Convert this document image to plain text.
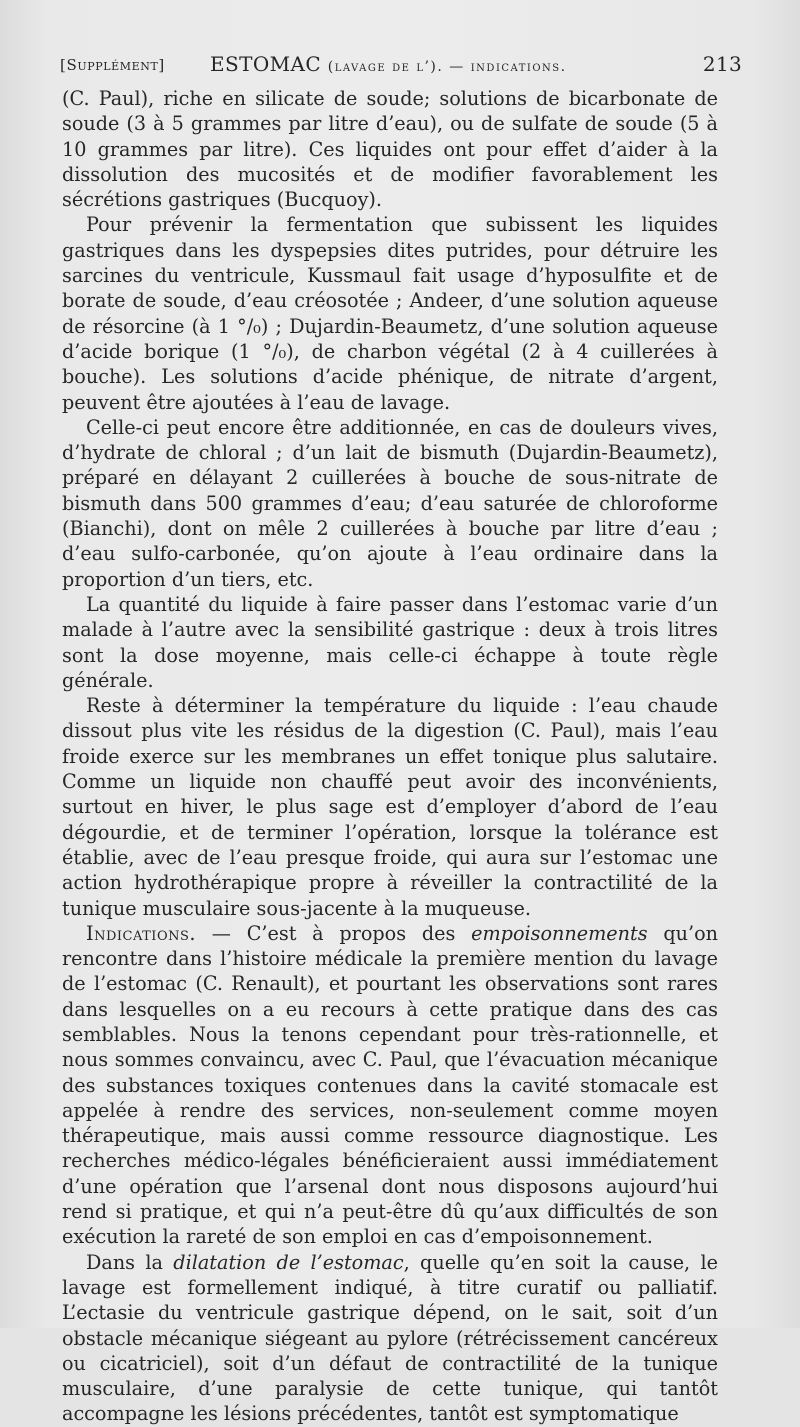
[Supplément] ESTOMAC (lavage de l’). — indications.	213

(C. Paul), riche en silicate de soude; solutions de bicarbonate de soude (3 à 5 grammes par litre d’eau), ou de sulfate de soude (5 à 10 grammes par litre). Ces liquides ont pour effet d’aider à la dissolution des mucosités et de modifier favorablement les sécrétions gastriques (Bucquoy).

Pour prévenir la fermentation que subissent les liquides gastriques dans les dyspepsies dites putrides, pour détruire les sarcines du ventricule, Kussmaul fait usage d’hyposulfite et de borate de soude, d’eau créosotée ; Andeer, d’une solution aqueuse de résorcine (à 1 °/₀) ; Dujardin-Beaumetz, d’une solution aqueuse d’acide borique (1 °/₀), de charbon végétal (2 à 4 cuillerées à bouche). Les solutions d’acide phénique, de nitrate d’argent, peuvent être ajoutées à l’eau de lavage.

Celle-ci peut encore être additionnée, en cas de douleurs vives, d’hydrate de chloral ; d’un lait de bismuth (Dujardin-Beaumetz), préparé en délayant 2 cuillerées à bouche de sous-nitrate de bismuth dans 500 grammes d’eau; d’eau saturée de chloroforme (Bianchi), dont on mêle 2 cuillerées à bouche par litre d’eau ; d’eau sulfo-carbonée, qu’on ajoute à l’eau ordinaire dans la proportion d’un tiers, etc.

La quantité du liquide à faire passer dans l’estomac varie d’un malade à l’autre avec la sensibilité gastrique : deux à trois litres sont la dose moyenne, mais celle-ci échappe à toute règle générale.

Reste à déterminer la température du liquide : l’eau chaude dissout plus vite les résidus de la digestion (C. Paul), mais l’eau froide exerce sur les membranes un effet tonique plus salutaire. Comme un liquide non chauffé peut avoir des inconvénients, surtout en hiver, le plus sage est d’employer d’abord de l’eau dégourdie, et de terminer l’opération, lorsque la tolérance est établie, avec de l’eau presque froide, qui aura sur l’estomac une action hydrothérapique propre à réveiller la contractilité de la tunique musculaire sous-jacente à la muqueuse.

Indications. — C’est à propos des empoisonnements qu’on rencontre dans l’histoire médicale la première mention du lavage de l’estomac (C. Renault), et pourtant les observations sont rares dans lesquelles on a eu recours à cette pratique dans des cas semblables. Nous la tenons cependant pour très-rationnelle, et nous sommes convaincu, avec C. Paul, que l’évacuation mécanique des substances toxiques contenues dans la cavité stomacale est appelée à rendre des services, non-seulement comme moyen thérapeutique, mais aussi comme ressource diagnostique. Les recherches médico-légales bénéficieraient aussi immédiatement d’une opération que l’arsenal dont nous disposons aujourd’hui rend si pratique, et qui n’a peut-être dû qu’aux difficultés de son exécution la rareté de son emploi en cas d’empoisonnement.

Dans la dilatation de l’estomac, quelle qu’en soit la cause, le lavage est formellement indiqué, à titre curatif ou palliatif. L’ectasie du ventricule gastrique dépend, on le sait, soit d’un obstacle mécanique siégeant au pylore (rétrécissement cancéreux ou cicatriciel), soit d’un défaut de contractilité de la tunique musculaire, d’une paralysie de cette tunique, qui tantôt accompagne les lésions précédentes, tantôt est symptomatique
